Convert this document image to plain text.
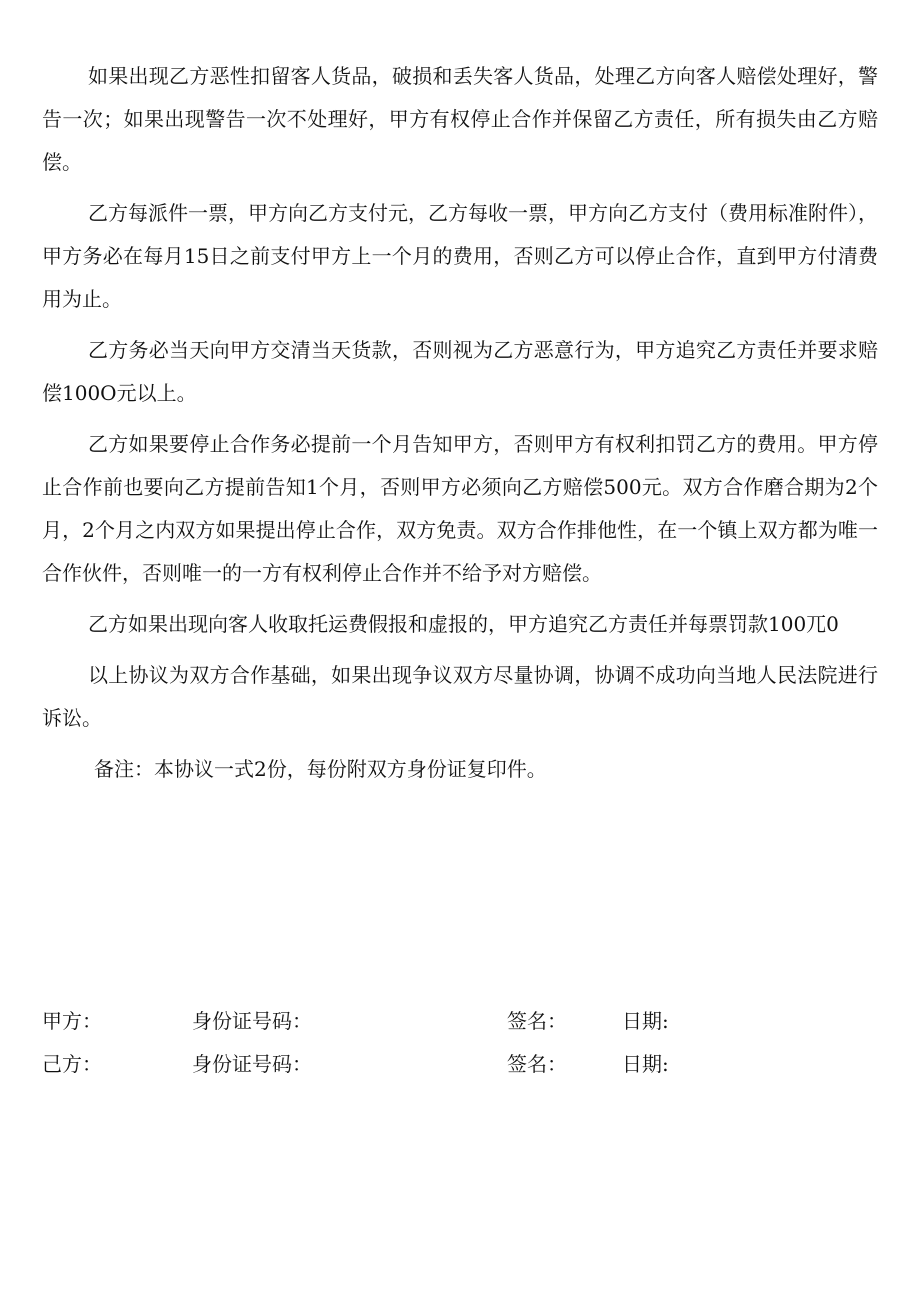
如果出现乙方恶性扣留客人货品，破损和丢失客人货品，处理乙方向客人赔偿处理好，警告一次；如果出现警告一次不处理好，甲方有权停止合作并保留乙方责任，所有损失由乙方赔偿。

乙方每派件一票，甲方向乙方支付元，乙方每收一票，甲方向乙方支付（费用标准附件），甲方务必在每月15日之前支付甲方上一个月的费用，否则乙方可以停止合作，直到甲方付清费用为止。

乙方务必当天向甲方交清当天货款，否则视为乙方恶意行为，甲方追究乙方责任并要求赔偿100O元以上。

乙方如果要停止合作务必提前一个月告知甲方，否则甲方有权利扣罚乙方的费用。甲方停止合作前也要向乙方提前告知1个月，否则甲方必须向乙方赔偿500元。双方合作磨合期为2个月，2个月之内双方如果提出停止合作，双方免责。双方合作排他性，在一个镇上双方都为唯一合作伙件，否则唯一的一方有权利停止合作并不给予对方赔偿。

乙方如果出现向客人收取托运费假报和虚报的，甲方追究乙方责任并每票罚款100兀0

以上协议为双方合作基础，如果出现争议双方尽量协调，协调不成功向当地人民法院进行诉讼。

备注：本协议一式2份，每份附双方身份证复印件。

甲方：	身份证号码：	签名：	日期:
己方：	身份证号码：	签名：	日期:
